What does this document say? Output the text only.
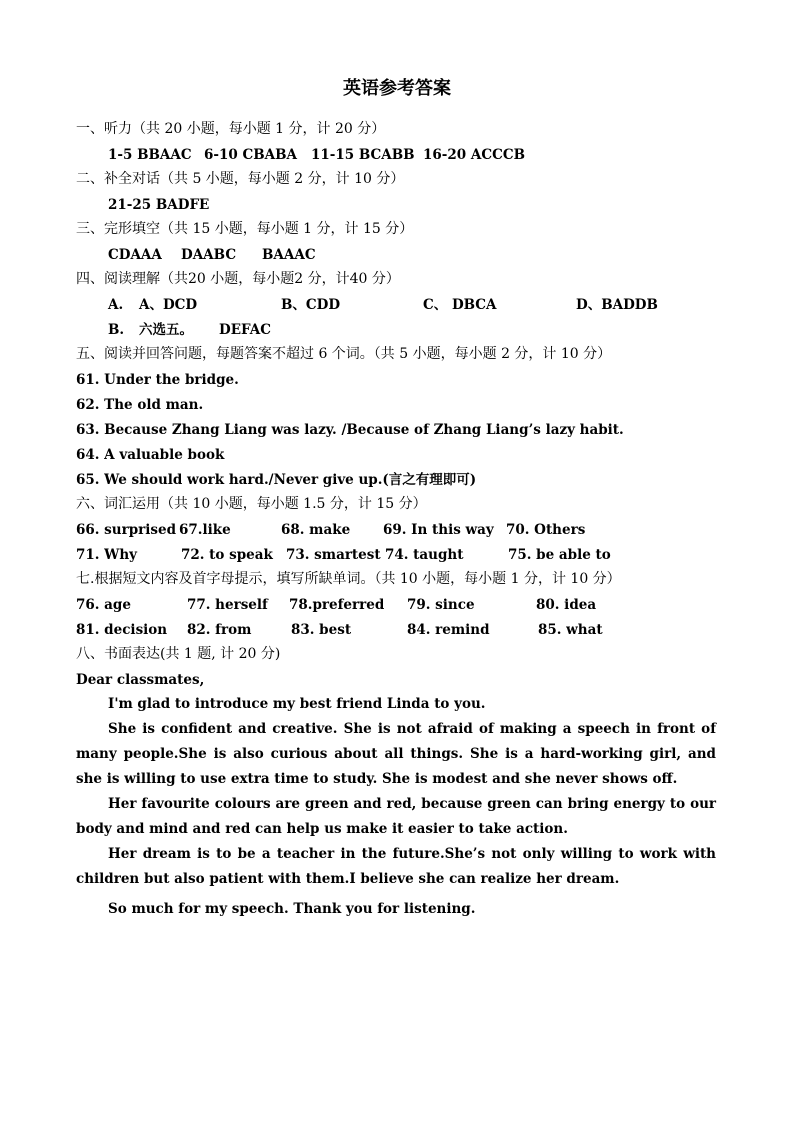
英语参考答案
一、听力（共 20 小题，每小题 1 分，计 20 分）
1-5 BBAAC 6-10 CBABA 11-15 BCABB 16-20 ACCCB
二、补全对话（共 5 小题，每小题 2 分，计 10 分）
21-25 BADFE
三、完形填空（共 15 小题，每小题 1 分，计 15 分）
CDAAA DAABC BAAAC
四、阅读理解（共20 小题，每小题2 分，计40 分）
A. A、DCD	B、CDD	C、 DBCA	D、BADDB
B. 六选五。 DEFAC
五、阅读并回答问题，每题答案不超过 6 个词。（共 5 小题，每小题 2 分，计 10 分）
61. Under the bridge.
62. The old man.
63. Because Zhang Liang was lazy. /Because of Zhang Liang’s lazy habit.
64. A valuable book
65. We should work hard./Never give up.(言之有理即可)
六、词汇运用（共 10 小题，每小题 1.5 分，计 15 分）
66. surprised 67.like	68. make 69. In this way 70. Others
71. Why	72. to speak 73. smartest 74. taught	75. be able to
七.根据短文内容及首字母提示，填写所缺单词。（共 10 小题，每小题 1 分，计 10 分）
76. age	77. herself 78.preferred 79. since	80. idea
81. decision 82. from	83. best	84. remind	85. what
八、书面表达(共 1 题, 计 20 分)
Dear classmates,

I'm glad to introduce my best friend Linda to you.

She is confident and creative. She is not afraid of making a speech in front of many people.She is also curious about all things. She is a hard-working girl, and she is willing to use extra time to study. She is modest and she never shows off.

Her favourite colours are green and red, because green can bring energy to our body and mind and red can help us make it easier to take action.

Her dream is to be a teacher in the future.She’s not only willing to work with children but also patient with them.I believe she can realize her dream.

So much for my speech. Thank you for listening.
